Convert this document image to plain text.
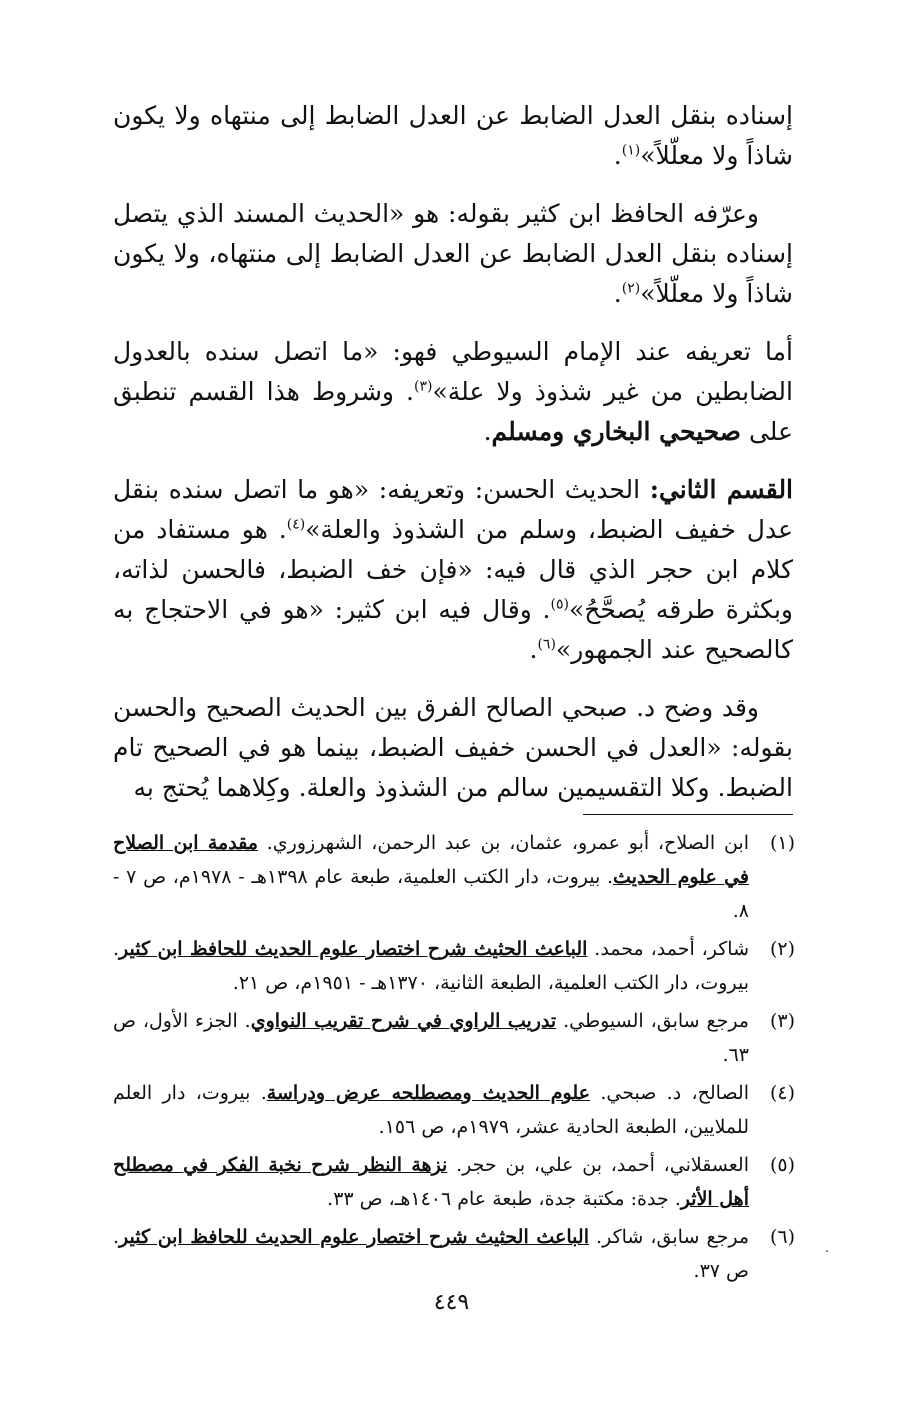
إسناده بنقل العدل الضابط عن العدل الضابط إلى منتهاه ولا يكون شاذاً ولا معلّلاً»$^{(١)}$.

وعرّفه الحافظ ابن كثير بقوله: هو «الحديث المسند الذي يتصل إسناده بنقل العدل الضابط عن العدل الضابط إلى منتهاه، ولا يكون شاذاً ولا معلّلاً»$^{(٢)}$.

أما تعريفه عند الإمام السيوطي فهو: «ما اتصل سنده بالعدول الضابطين من غير شذوذ ولا علة»$^{(٣)}$. وشروط هذا القسم تنطبق على صحيحي البخاري ومسلم.

القسم الثاني: الحديث الحسن: وتعريفه: «هو ما اتصل سنده بنقل عدل خفيف الضبط، وسلم من الشذوذ والعلة»$^{(٤)}$. هو مستفاد من كلام ابن حجر الذي قال فيه: «فإن خف الضبط، فالحسن لذاته، وبكثرة طرقه يُصحَّحُ»$^{(٥)}$. وقال فيه ابن كثير: «هو في الاحتجاج به كالصحيح عند الجمهور»$^{(٦)}$.

وقد وضح د. صبحي الصالح الفرق بين الحديث الصحيح والحسن بقوله: «العدل في الحسن خفيف الضبط، بينما هو في الصحيح تام الضبط. وكلا التقسيمين سالم من الشذوذ والعلة. وكِلاهما يُحتج به

(١)
ابن الصلاح، أبو عمرو، عثمان، بن عبد الرحمن، الشهرزوري. مقدمة ابن الصلاح في علوم الحديث. بيروت، دار الكتب العلمية، طبعة عام ١٣٩٨هـ - ١٩٧٨م، ص ٧ - ٨.
(٢)
شاكر، أحمد، محمد. الباعث الحثيث شرح اختصار علوم الحديث للحافظ ابن كثير. بيروت، دار الكتب العلمية، الطبعة الثانية، ١٣٧٠هـ - ١٩٥١م، ص ٢١.
(٣)
مرجع سابق، السيوطي. تدريب الراوي في شرح تقريب النواوي. الجزء الأول، ص ٦٣.
(٤)
الصالح، د. صبحي. علوم الحديث ومصطلحه عرض ودراسة. بيروت، دار العلم للملايين، الطبعة الحادية عشر، ١٩٧٩م، ص ١٥٦.
(٥)
العسقلاني، أحمد، بن علي، بن حجر. نزهة النظر شرح نخبة الفكر في مصطلح أهل الأثر. جدة: مكتبة جدة، طبعة عام ١٤٠٦هـ، ص ٣٣.
(٦)
مرجع سابق، شاكر. الباعث الحثيث شرح اختصار علوم الحديث للحافظ ابن كثير. ص ٣٧.
٤٤٩
